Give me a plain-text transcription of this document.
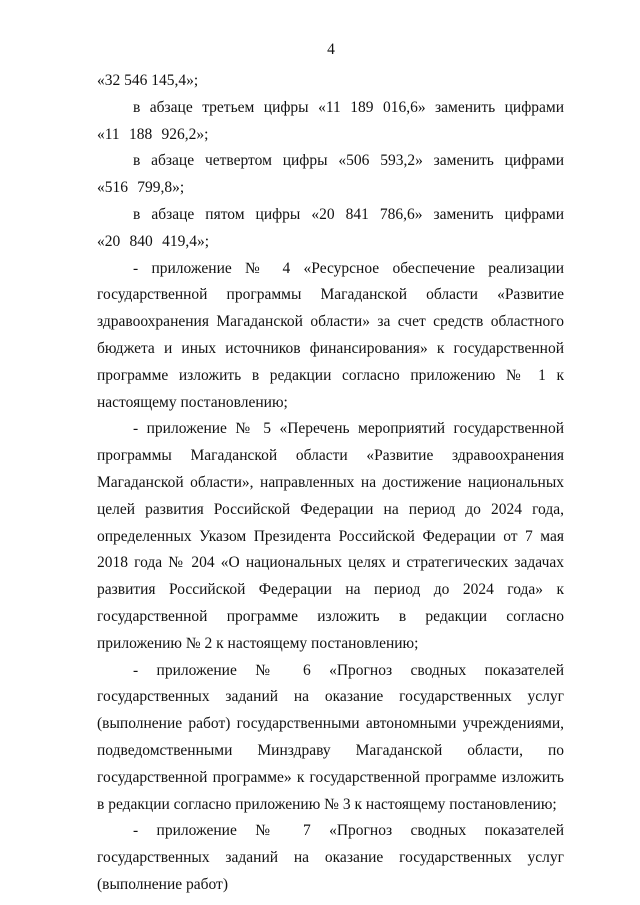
4

«32 546 145,4»;

в абзаце третьем цифры «11 189 016,6» заменить цифрами «11 188 926,2»;

в абзаце четвертом цифры «506 593,2» заменить цифрами «516 799,8»;

в абзаце пятом цифры «20 841 786,6» заменить цифрами «20 840 419,4»;

- приложение № 4 «Ресурсное обеспечение реализации государственной программы Магаданской области «Развитие здравоохранения Магаданской области» за счет средств областного бюджета и иных источников финансирования» к государственной программе изложить в редакции согласно приложению № 1 к настоящему постановлению;

- приложение № 5 «Перечень мероприятий государственной программы Магаданской области «Развитие здравоохранения Магаданской области», направленных на достижение национальных целей развития Российской Федерации на период до 2024 года, определенных Указом Президента Российской Федерации от 7 мая 2018 года № 204 «О национальных целях и стратегических задачах развития Российской Федерации на период до 2024 года» к государственной программе изложить в редакции согласно приложению № 2 к настоящему постановлению;

- приложение № 6 «Прогноз сводных показателей государственных заданий на оказание государственных услуг (выполнение работ) государственными автономными учреждениями, подведомственными Минздраву Магаданской области, по государственной программе» к государственной программе изложить в редакции согласно приложению № 3 к настоящему постановлению;

- приложение № 7 «Прогноз сводных показателей государственных заданий на оказание государственных услуг (выполнение работ)
